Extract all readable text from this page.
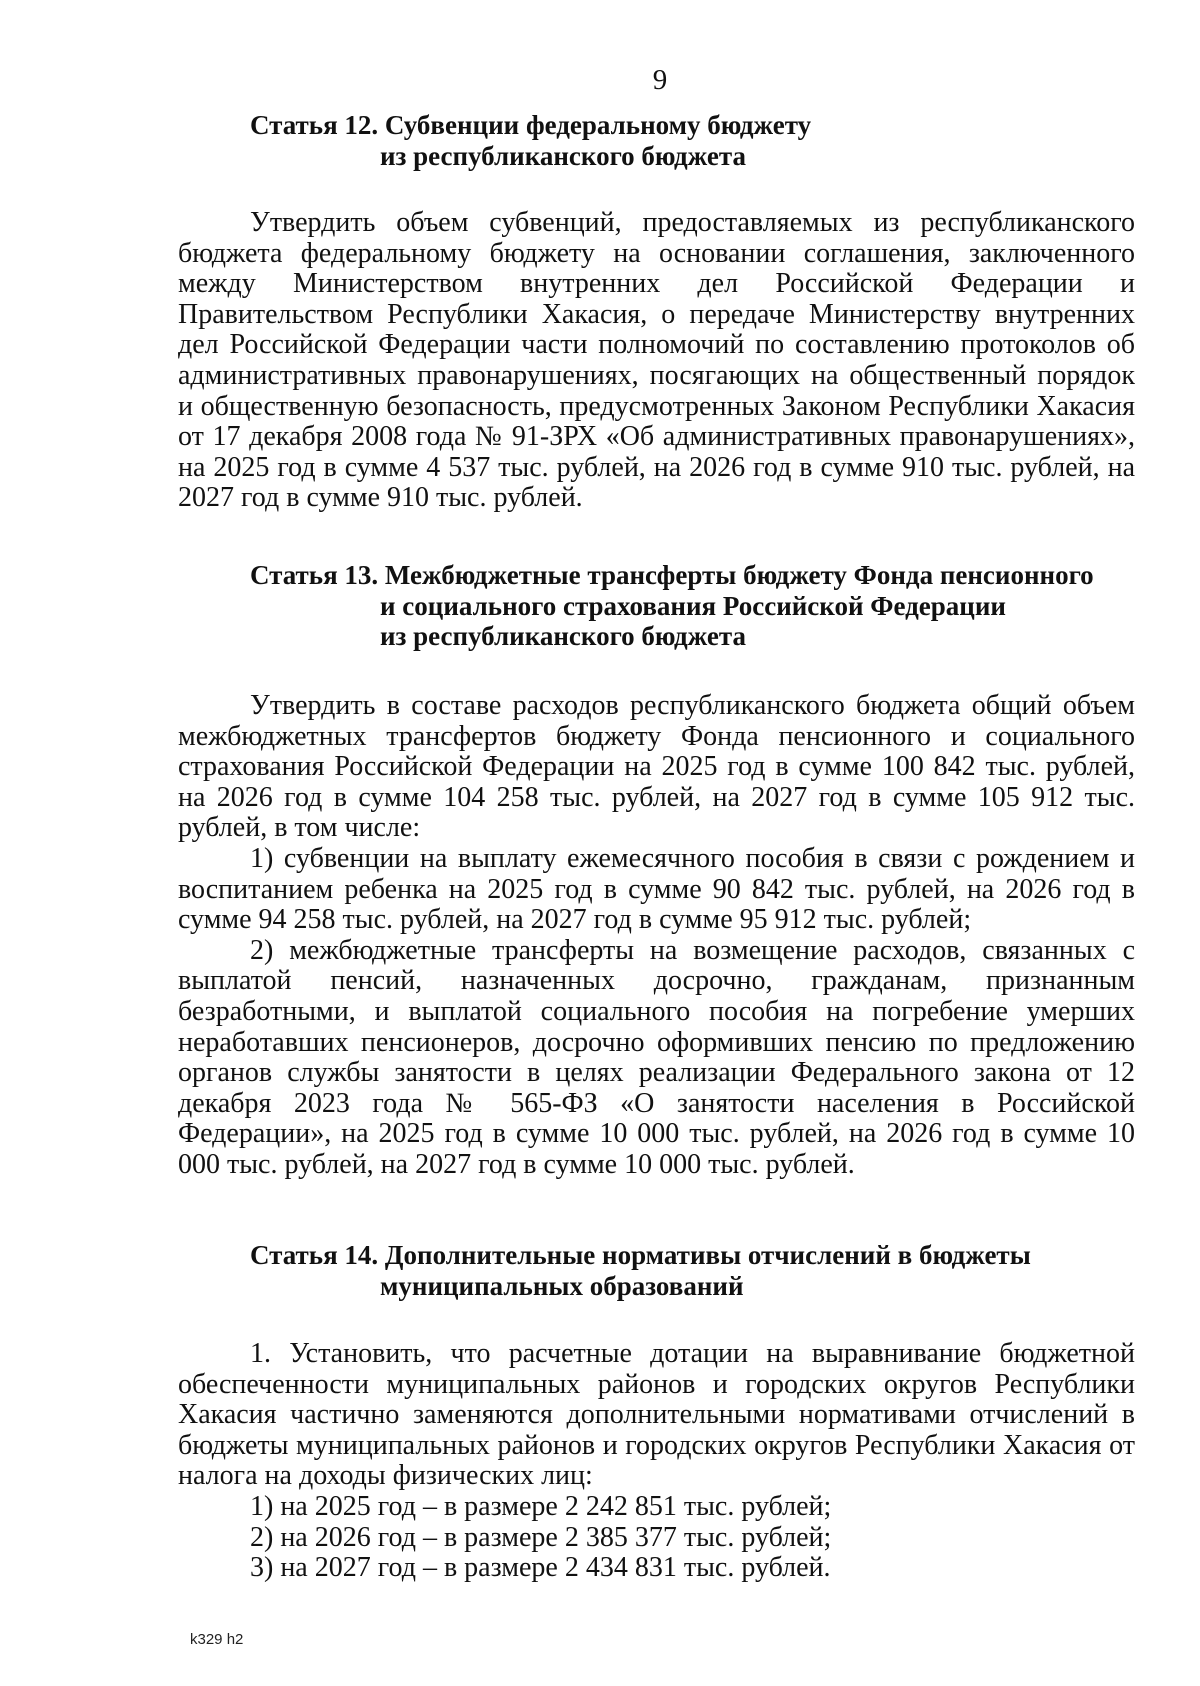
9
Статья 12. Субвенции федеральному бюджету
из республиканского бюджета

Утвердить объем субвенций, предоставляемых из республиканского бюджета федеральному бюджету на основании соглашения, заключенного между Министерством внутренних дел Российской Федерации и Правительством Республики Хакасия, о передаче Министерству внутренних дел Российской Федерации части полномочий по составлению протоколов об административных правонарушениях, посягающих на общественный порядок и общественную безопасность, предусмотренных Законом Республики Хакасия от 17 декабря 2008 года № 91-ЗРХ «Об административных правонарушениях», на 2025 год в сумме 4 537 тыс. рублей, на 2026 год в сумме 910 тыс. рублей, на 2027 год в сумме 910 тыс. рублей.

Статья 13. Межбюджетные трансферты бюджету Фонда пенсионного
и социального страхования Российской Федерации
из республиканского бюджета

Утвердить в составе расходов республиканского бюджета общий объем межбюджетных трансфертов бюджету Фонда пенсионного и социального страхования Российской Федерации на 2025 год в сумме 100 842 тыс. рублей, на 2026 год в сумме 104 258 тыс. рублей, на 2027 год в сумме 105 912 тыс. рублей, в том числе:

1) субвенции на выплату ежемесячного пособия в связи с рождением и воспитанием ребенка на 2025 год в сумме 90 842 тыс. рублей, на 2026 год в сумме 94 258 тыс. рублей, на 2027 год в сумме 95 912 тыс. рублей;

2) межбюджетные трансферты на возмещение расходов, связанных с выплатой пенсий, назначенных досрочно, гражданам, признанным безработными, и выплатой социального пособия на погребение умерших неработавших пенсионеров, досрочно оформивших пенсию по предложению органов службы занятости в целях реализации Федерального закона от 12 декабря 2023 года № 565-ФЗ «О занятости населения в Российской Федерации», на 2025 год в сумме 10 000 тыс. рублей, на 2026 год в сумме 10 000 тыс. рублей, на 2027 год в сумме 10 000 тыс. рублей.

Статья 14. Дополнительные нормативы отчислений в бюджеты
муниципальных образований

1. Установить, что расчетные дотации на выравнивание бюджетной обеспеченности муниципальных районов и городских округов Республики Хакасия частично заменяются дополнительными нормативами отчислений в бюджеты муниципальных районов и городских округов Республики Хакасия от налога на доходы физических лиц:

1) на 2025 год – в размере 2 242 851 тыс. рублей;

2) на 2026 год – в размере 2 385 377 тыс. рублей;

3) на 2027 год – в размере 2 434 831 тыс. рублей.

k329 h2
